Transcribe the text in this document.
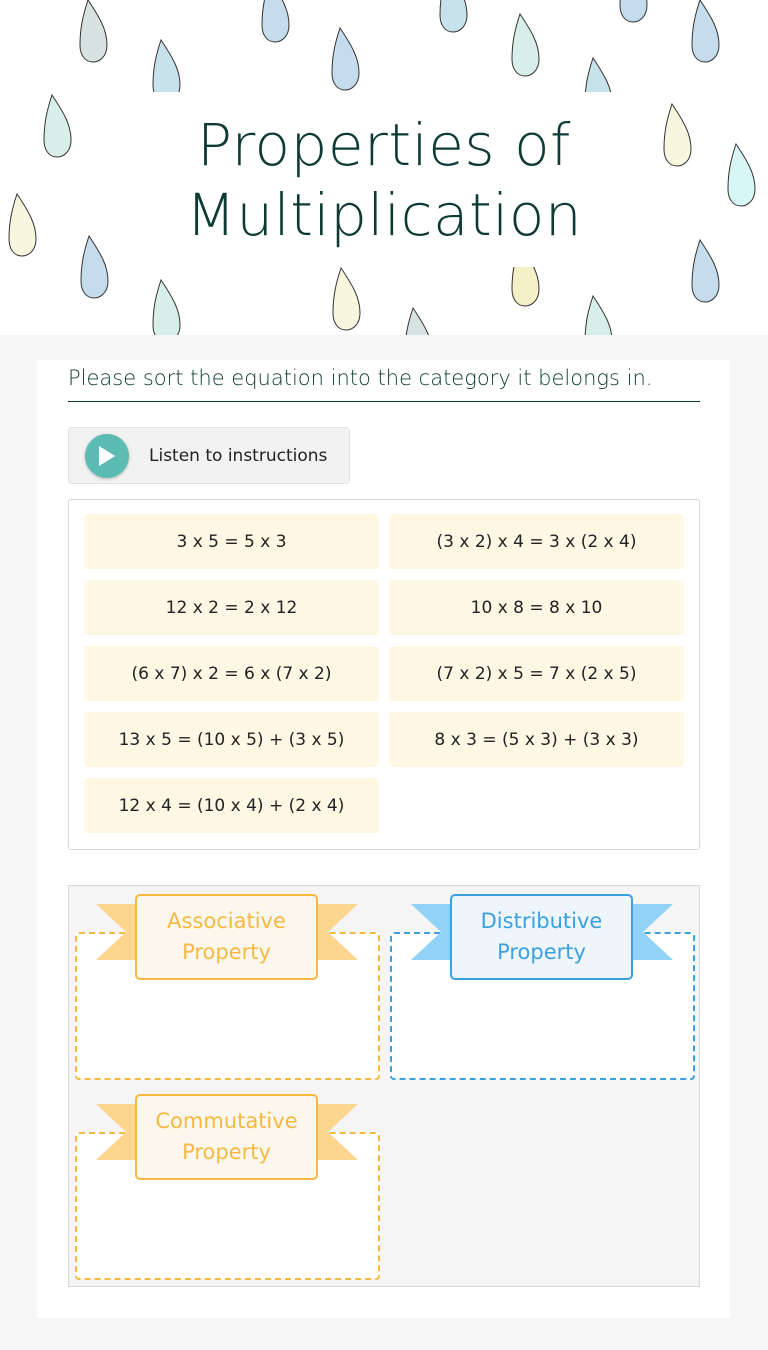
Properties of Multiplication
Please sort the equation into the category it belongs in.
Listen to instructions
3 x 5 = 5 x 3	(3 x 2) x 4 = 3 x (2 x 4)
12 x 2 = 2 x 12	10 x 8 = 8 x 10
(6 x 7) x 2 = 6 x (7 x 2)	(7 x 2) x 5 = 7 x (2 x 5)
13 x 5 = (10 x 5) + (3 x 5)	8 x 3 = (5 x 3) + (3 x 3)
12 x 4 = (10 x 4) + (2 x 4)
Associative Property
Distributive Property
Commutative Property
